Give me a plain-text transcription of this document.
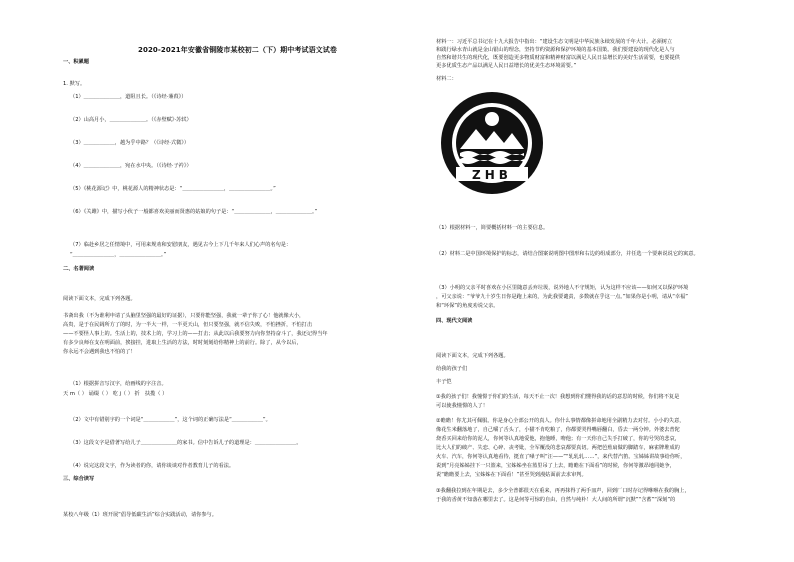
2020-2021年安徽省铜陵市某校初二（下）期中考试语文试卷
一、积累题
1. 默写。
（1）＿＿＿＿＿＿＿，道阻且长。（《诗经·蒹葭》）
（2）山高月小，＿＿＿＿＿＿＿。（《赤壁赋》·苏轼）
（3）＿＿＿＿＿＿，越为乎中路？（《诗经·式微》）
（4）＿＿＿＿＿＿＿，宛在水中央。（《诗经·子衿》）
（5）《桃花源记》中，桃花源人的精神状态是：“＿＿＿＿＿＿＿＿，＿＿＿＿＿＿＿＿。”
（6）《关雎》中，描写小伙子一般都喜欢美丽而贤惠的姑娘的句子是：“＿＿＿＿＿＿＿，＿＿＿＿＿＿＿。”
（7）临赴乡居之任情境中，可用来规劝和安慰朋友，遇见古今上下几千年来人们心声的名句是：
“＿＿＿＿＿＿＿＿，＿＿＿＿＿＿＿＿。”
二、名著阅读
阅读下面文本，完成下列各题。
书斋出我（不为谁利申请了头脑里坚强的最好的证据），只要你能坚强，我就一辈子你了心！他就像大小，
高贵，是于在民阔所方了的时，为一半大一样，一半更天山，但只要坚强，就不信失败，不怕挫折，不怕打击
——不要怪人事上的。生活上的，技术上的，学习上的——打击；从此以后我要努力向你坚持奋斗了，我还记得当年
有多少良师在支在明面前，挨接挂，进取上生活的方法，时时刻刻给你精神上的前行。除了，从今以后，
你永远不会遇到我也不怕的了！
（1）根据拼音写汉字，给画线的字注音。
天 m（ ） 诵缀（ ） 吃 j（ ） 折　扶揽（ ）
（2）文中有错别字的一个词是“＿＿＿＿＿＿”，这个词的正确写法是“＿＿＿＿＿＿”。
（3）这段文字是借著写给儿子＿＿＿＿＿＿＿的家书。信中告诉儿子的道理是：＿＿＿＿＿＿＿＿。
（4）说完这段文字，作为读者的你，请你谈谈对作者教育儿子的看法。
三、综合读写
某校八年级（1）班开展“倡导低碳生活”综合实践活动，请你参与。
材料一：习近平总书记在十九大报告中指出：“建设生态文明是中华民族永续发展的千年大计。必须树立
和践行绿水青山就是金山银山的理念，坚持节约资源和保护环境的基本国策。我们要建设的现代化是人与
自然和谐共生的现代化，既要创造更多物质财富和精神财富以满足人民日益增长的美好生活需要，也要提供
更多优质生态产品以满足人民日益增长的优美生态环境需要。”
材料二：
ZHB
（1）根据材料一，简要概括材料一的主要信息。
（2）材料二是中国环境保护的标志，请结合图案说明图中图形和右边的组成部分，并任选一个要素说说它的寓意。
（3）小明的父亲平时喜欢在小区里随意丢弃垃圾，说外地人不守规矩，认为这样不应该——如何又以保护环境
，可父亲说：“爷爷九十岁生日你是跑上来的，为此我要谴责，多数就在乎这一点。”如果你是小明，请从“幸福”
和“环保”的角度劝说父亲。
四、现代文阅读
阅读下面文本，完成下列各题。
给我的孩子们
丰子恺
①我的孩子们！我憧憬于你们的生活，每天不止一次！我想到你们懂得我的话的意思的时候，你们将不复是
可以使我憧憬的人了！
②瞻瞻！你尤其可佩服。你是身心全部公开的真人。你什么事情都像拼命地用全副精力去对付。小小的失意，
像花生米翻落地了，自己嚼了舌头了，小猫不肯吃粮了，你都要哭得嘴唇翻白，昏去一两分钟。外婆去普陀
烧香买回来给你的泥人，你何等认真地爱他，抱他睡，吻他；有一天你自己失手打破了，你的号哭的悲哀，
比大人们的破产、失恋、心碎、丧考妣，全军覆没的悲哀都要真切。两把芭蕉扇做的脚踏车，麻雀牌堆成的
火车、汽车，你何等认真地看待，挺直了嗓子叫“汪——”“轧轧轧……”，来代替汽笛。宝姊姊讲故事给你听，
说到“月亮姊姊挂下一只篮来，宝姊姊坐在篮里吊了上去，瞻瞻在下面看”的时候，你何等激昂地同她争，
说“瞻瞻要上去，宝姊姊在下面看！”甚至哭到漫姑面前去求审判。
③我翻我拉到在年期是去，多少全普都很天在重来，再再抹得了两手皿声，回到厂口时存记得咻咻在我的胸上，
于我的香黄不知落在哪里去了。这是何等可惊的自由，自然与纯朴！大人间的所谓“沉默”“含蓄”“深刻”的
